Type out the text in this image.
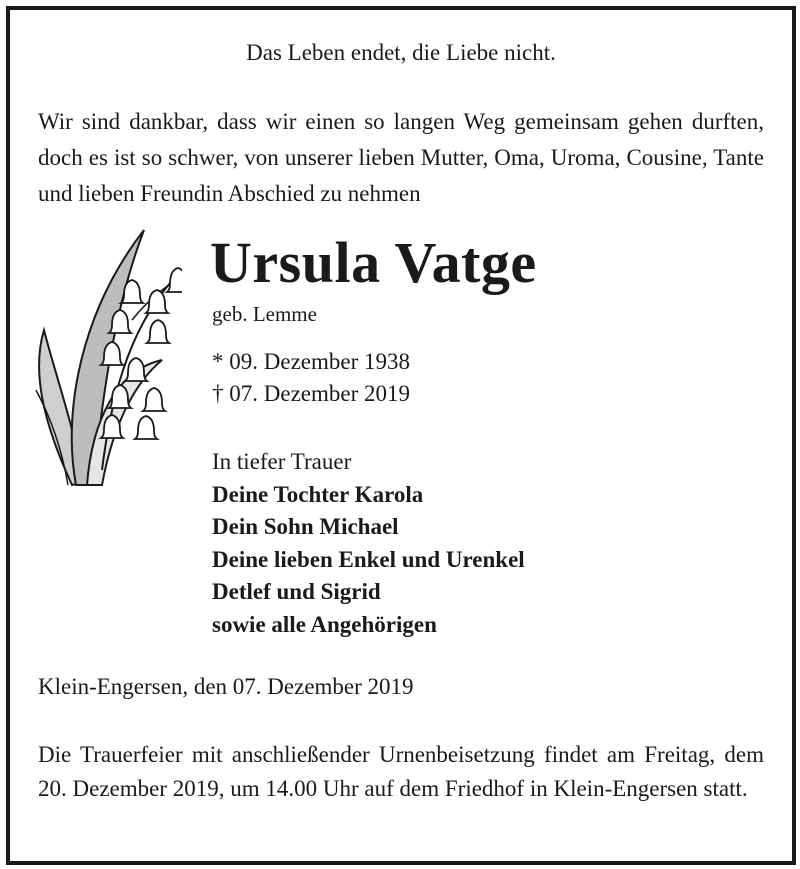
Das Leben endet, die Liebe nicht.
Wir sind dankbar, dass wir einen so langen Weg gemeinsam gehen durften, doch es ist so schwer, von unserer lieben Mutter, Oma, Uroma, Cousine, Tante und lieben Freundin Abschied zu nehmen
Ursula Vatge
geb. Lemme
* 09. Dezember 1938
† 07. Dezember 2019
In tiefer Trauer
Deine Tochter Karola
Dein Sohn Michael
Deine lieben Enkel und Urenkel
Detlef und Sigrid
sowie alle Angehörigen
Klein-Engersen, den 07. Dezember 2019
Die Trauerfeier mit anschließender Urnenbeisetzung findet am Freitag, dem 20. Dezember 2019, um 14.00 Uhr auf dem Friedhof in Klein-Engersen statt.
